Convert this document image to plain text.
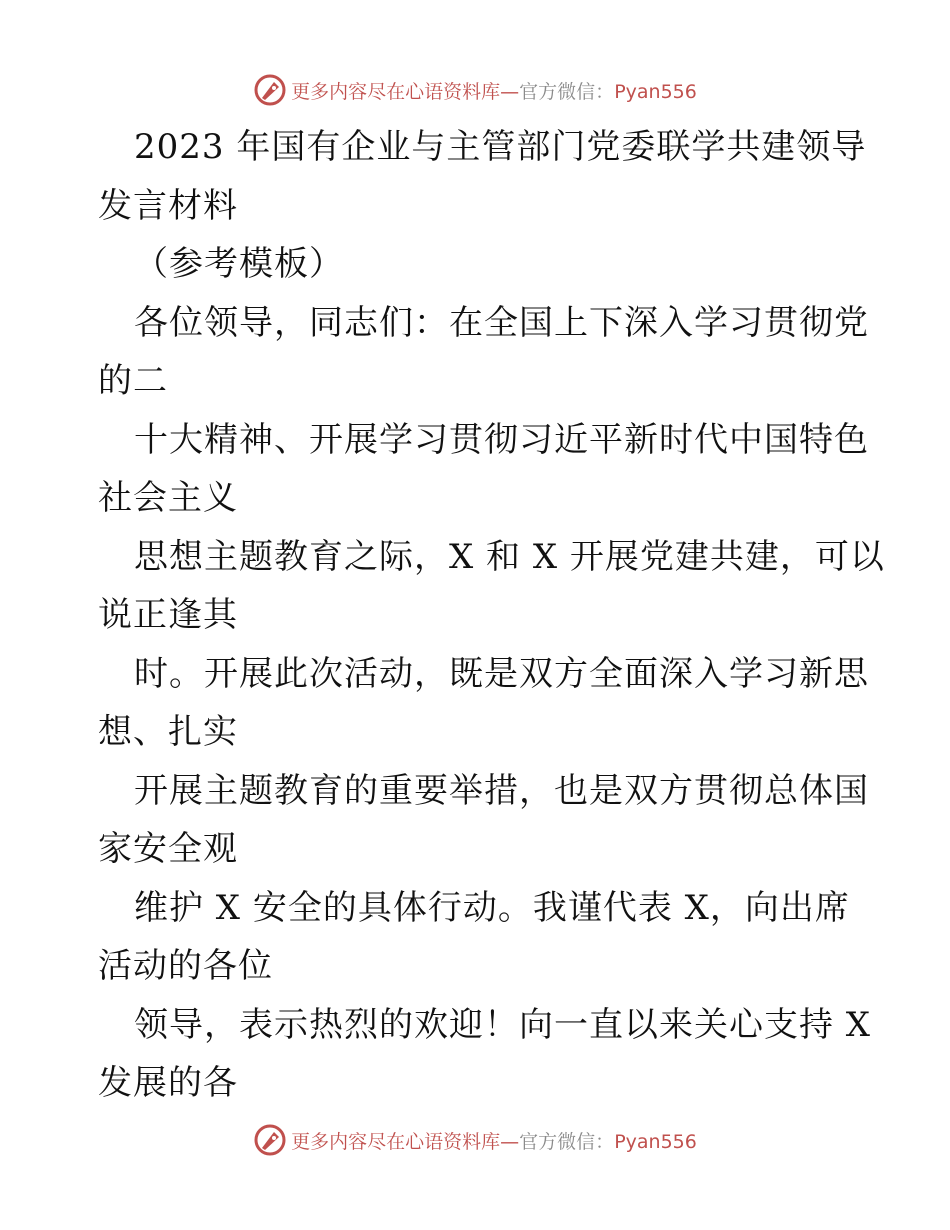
更多内容尽在心语资料库—官方微信：Pyan556
2023 年国有企业与主管部门党委联学共建领导
发言材料
（参考模板）
各位领导，同志们：在全国上下深入学习贯彻党
的二
十大精神、开展学习贯彻习近平新时代中国特色
社会主义
思想主题教育之际，X 和 X 开展党建共建，可以
说正逢其
时。开展此次活动，既是双方全面深入学习新思
想、扎实
开展主题教育的重要举措，也是双方贯彻总体国
家安全观
维护 X 安全的具体行动。我谨代表 X，向出席
活动的各位
领导，表示热烈的欢迎！向一直以来关心支持 X
发展的各
更多内容尽在心语资料库—官方微信：Pyan556
